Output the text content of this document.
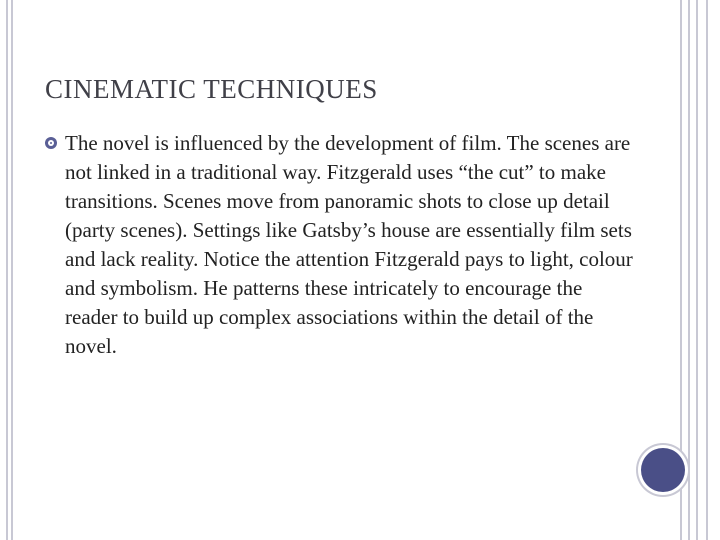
CINEMATIC TECHNIQUES
The novel is influenced by the development of film. The scenes are not linked in a traditional way. Fitzgerald uses “the cut” to make transitions. Scenes move from panoramic shots to close up detail (party scenes). Settings like Gatsby’s house are essentially film sets and lack reality. Notice the attention Fitzgerald pays to light, colour and symbolism. He patterns these intricately to encourage the reader to build up complex associations within the detail of the novel.
